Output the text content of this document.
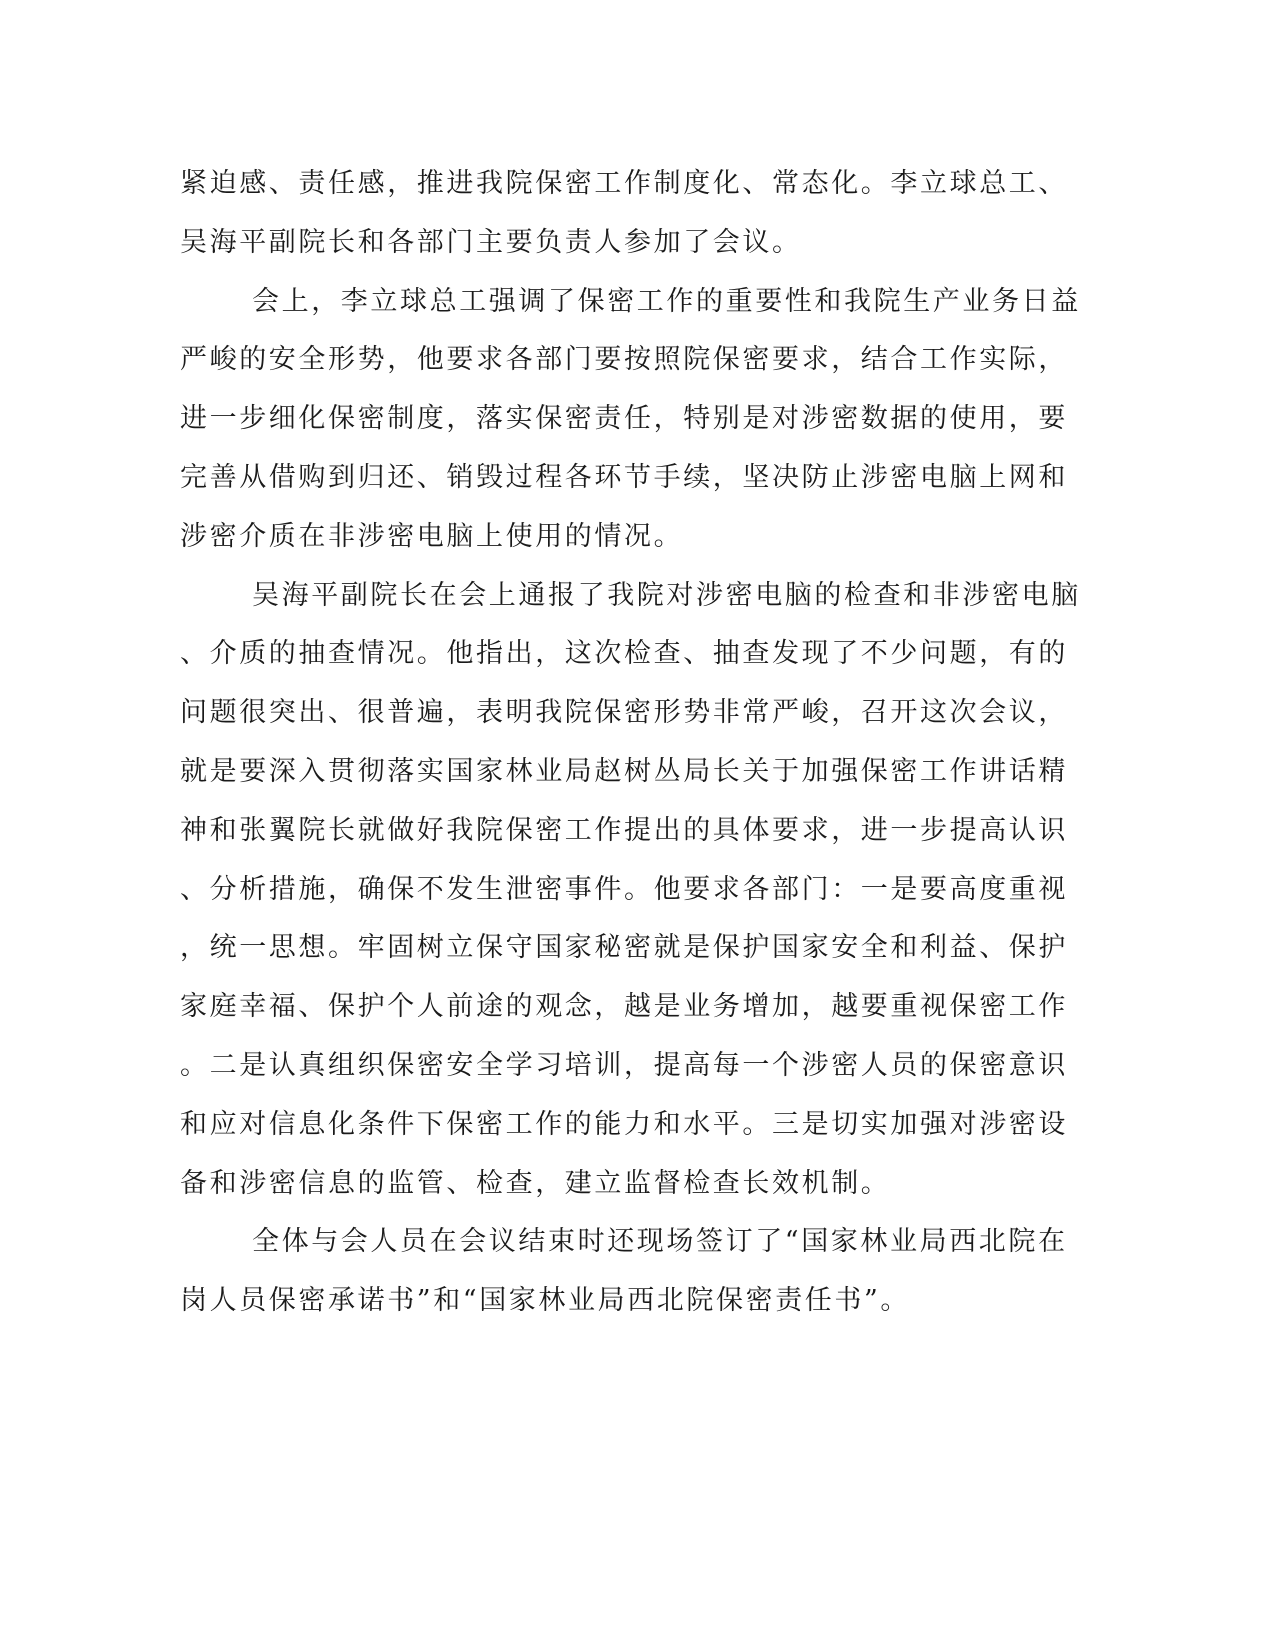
紧迫感、责任感，推进我院保密工作制度化、常态化。李立球总工、
吴海平副院长和各部门主要负责人参加了会议。
会上，李立球总工强调了保密工作的重要性和我院生产业务日益
严峻的安全形势，他要求各部门要按照院保密要求，结合工作实际，
进一步细化保密制度，落实保密责任，特别是对涉密数据的使用，要
完善从借购到归还、销毁过程各环节手续，坚决防止涉密电脑上网和
涉密介质在非涉密电脑上使用的情况。
吴海平副院长在会上通报了我院对涉密电脑的检查和非涉密电脑
、介质的抽查情况。他指出，这次检查、抽查发现了不少问题，有的
问题很突出、很普遍，表明我院保密形势非常严峻，召开这次会议，
就是要深入贯彻落实国家林业局赵树丛局长关于加强保密工作讲话精
神和张翼院长就做好我院保密工作提出的具体要求，进一步提高认识
、分析措施，确保不发生泄密事件。他要求各部门：一是要高度重视
，统一思想。牢固树立保守国家秘密就是保护国家安全和利益、保护
家庭幸福、保护个人前途的观念，越是业务增加，越要重视保密工作
。二是认真组织保密安全学习培训，提高每一个涉密人员的保密意识
和应对信息化条件下保密工作的能力和水平。三是切实加强对涉密设
备和涉密信息的监管、检查，建立监督检查长效机制。
全体与会人员在会议结束时还现场签订了“国家林业局西北院在
岗人员保密承诺书”和“国家林业局西北院保密责任书”。
